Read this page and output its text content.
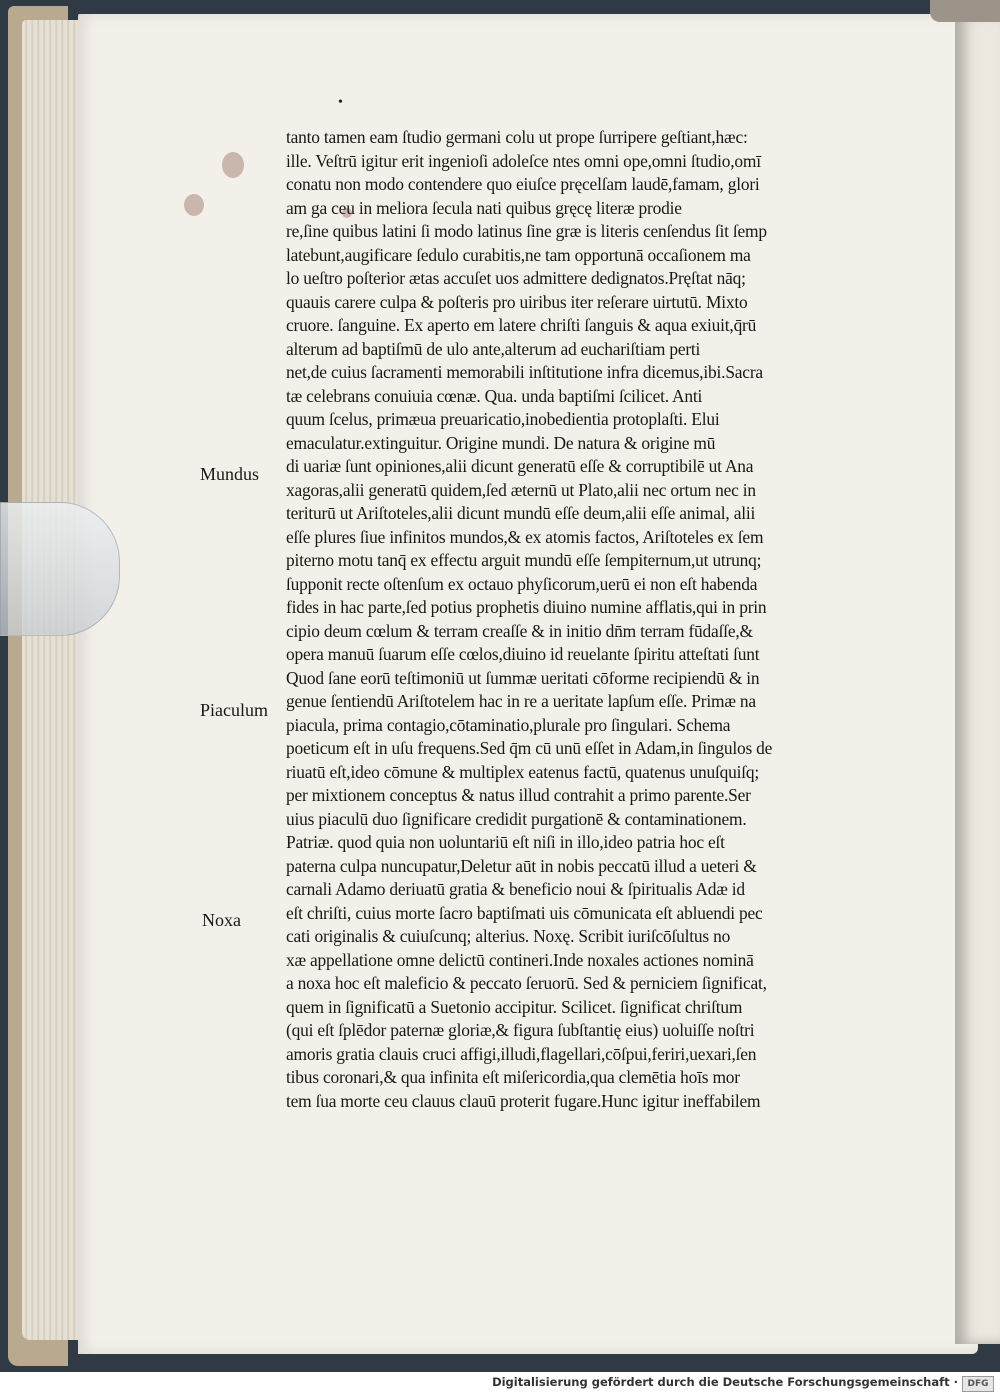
•
Mundus
Piaculum
Noxa
tanto tamen eam ſtudio germani colu ut prope ſurripere geſtiant,hæc:
ille. Veſtrū igitur erit ingenioſi adoleſce ntes omni ope,omni ſtudio,omī
conatu non modo contendere quo eiuſce pręcelſam laudē,famam, glori
am ga ceu in meliora ſecula nati quibus gręcę literæ prodie
re,ſine quibus latini ſi modo latinus ſine græ is literis cenſendus ſit ſemp
latebunt,augificare ſedulo curabitis,ne tam opportunā occaſionem ma
lo ueſtro poſterior ætas accuſet uos admittere dedignatos.Pręſtat nāq;
quauis carere culpa & poſteris pro uiribus iter reſerare uirtutū. Mixto
cruore. ſanguine. Ex aperto em latere chriſti ſanguis & aqua exiuit,q̄rū
alterum ad baptiſmū de ulo ante,alterum ad euchariſtiam perti
net,de cuius ſacramenti memorabili inſtitutione infra dicemus,ibi.Sacra
tæ celebrans conuiuia cœnæ. Qua. unda baptiſmi ſcilicet. Anti
quum ſcelus, primæua preuaricatio,inobedientia protoplaſti. Elui
emaculatur.extinguitur. Origine mundi. De natura & origine mū
di uariæ ſunt opiniones,alii dicunt generatū eſſe & corruptibilē ut Ana
xagoras,alii generatū quidem,ſed æternū ut Plato,alii nec ortum nec in
teriturū ut Ariſtoteles,alii dicunt mundū eſſe deum,alii eſſe animal, alii
eſſe plures ſiue infinitos mundos,& ex atomis factos, Ariſtoteles ex ſem
piterno motu tanq̄ ex effectu arguit mundū eſſe ſempiternum,ut utrunq;
ſupponit recte oſtenſum ex octauo phyſicorum,uerū ei non eſt habenda
fides in hac parte,ſed potius prophetis diuino numine afflatis,qui in prin
cipio deum cœlum & terram creaſſe & in initio dn̄m terram fūdaſſe,&
opera manuū ſuarum eſſe cœlos,diuino id reuelante ſpiritu atteſtati ſunt
Quod ſane eorū teſtimoniū ut ſummæ ueritati cōforme recipiendū & in
genue ſentiendū Ariſtotelem hac in re a ueritate lapſum eſſe. Primæ na
piacula, prima contagio,cōtaminatio,plurale pro ſingulari. Schema
poeticum eſt in uſu frequens.Sed q̄m cū unū eſſet in Adam,in ſingulos de
riuatū eſt,ideo cōmune & multiplex eatenus factū, quatenus unuſquiſq;
per mixtionem conceptus & natus illud contrahit a primo parente.Ser
uius piaculū duo ſignificare credidit purgationē & contaminationem.
Patriæ. quod quia non uoluntariū eſt niſi in illo,ideo patria hoc eſt
paterna culpa nuncupatur,Deletur aūt in nobis peccatū illud a ueteri &
carnali Adamo deriuatū gratia & beneficio noui & ſpiritualis Adæ id
eſt chriſti, cuius morte ſacro baptiſmati uis cōmunicata eſt abluendi pec
cati originalis & cuiuſcunq; alterius. Noxę. Scribit iuriſcōſultus no
xæ appellatione omne delictū contineri.Inde noxales actiones nominā
a noxa hoc eſt maleficio & peccato ſeruorū. Sed & perniciem ſignificat,
quem in ſignificatū a Suetonio accipitur. Scilicet. ſignificat chriſtum
(qui eſt ſplēdor paternæ gloriæ,& figura ſubſtantię eius) uoluiſſe noſtri
amoris gratia clauis cruci affigi,illudi,flagellari,cōſpui,feriri,uexari,ſen
tibus coronari,& qua infinita eſt miſericordia,qua clemētia hoīs mor
tem ſua morte ceu clauus clauū proterit fugare.Hunc igitur ineffabilem
Digitalisierung gefördert durch die Deutsche Forschungsgemeinschaft ·	DFG
